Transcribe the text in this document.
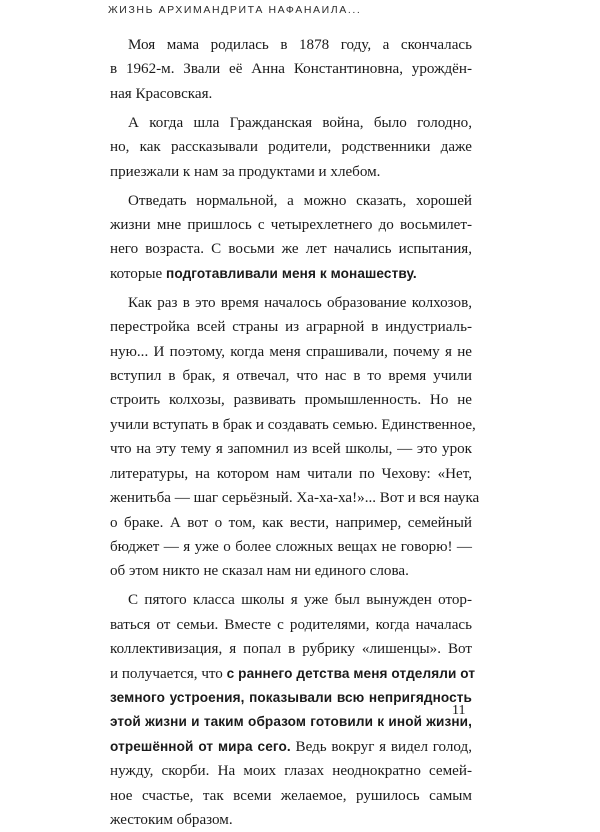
ЖИЗНЬ АРХИМАНДРИТА НАФАНАИЛА...
Моя мама родилась в 1878 году, а скончалась
в 1962-м. Звали её Анна Константиновна, урождён-
ная Красовская.
А когда шла Гражданская война, было голодно,
но, как рассказывали родители, родственники даже
приезжали к нам за продуктами и хлебом.
Отведать нормальной, а можно сказать, хорошей
жизни мне пришлось с четырехлетнего до восьмилет-
него возраста. С восьми же лет начались испытания,
которые подготавливали меня к монашеству.
Как раз в это время началось образование колхозов,
перестройка всей страны из аграрной в индустриаль-
ную... И поэтому, когда меня спрашивали, почему я не
вступил в брак, я отвечал, что нас в то время учили
строить колхозы, развивать промышленность. Но не
учили вступать в брак и создавать семью. Единственное,
что на эту тему я запомнил из всей школы, — это урок
литературы, на котором нам читали по Чехову: «Нет,
женитьба — шаг серьёзный. Ха-ха-ха!»... Вот и вся наука
о браке. А вот о том, как вести, например, семейный
бюджет — я уже о более сложных вещах не говорю! —
об этом никто не сказал нам ни единого слова.
С пятого класса школы я уже был вынужден отор-
ваться от семьи. Вместе с родителями, когда началась
коллективизация, я попал в рубрику «лишенцы». Вот
и получается, что с раннего детства меня отделяли от
земного устроения, показывали всю непригядность
этой жизни и таким образом готовили к иной жизни,
отрешённой от мира сего. Ведь вокруг я видел голод,
нужду, скорби. На моих глазах неоднократно семей-
ное счастье, так всеми желаемое, рушилось самым
жестоким образом.
11
